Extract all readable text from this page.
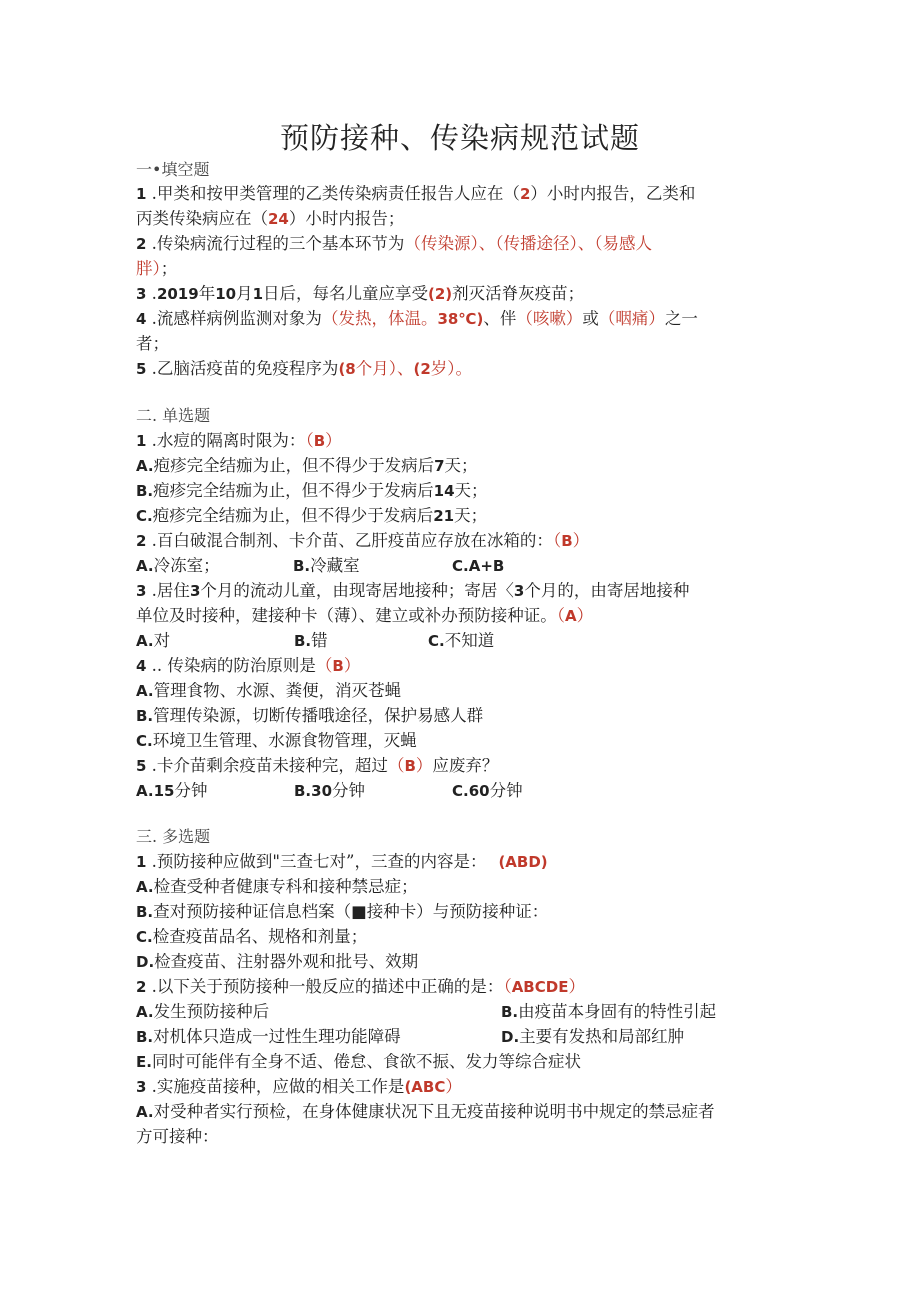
预防接种、传染病规范试题
一•填空题
1 .甲类和按甲类管理的乙类传染病责任报告人应在（2）小时内报告，乙类和
丙类传染病应在（24）小时内报告；
2 .传染病流行过程的三个基本环节为（传染源）、（传播途径）、（易感人
胖）；
3 .2019年10月1日后，每名儿童应享受(2)剂灭活脊灰疫苗；
4 .流感样病例监测对象为（发热，体温。38℃)、伴（咳嗽）或（咽痛）之一
者；
5 .乙脑活疫苗的免疫程序为(8个月）、(2岁）。
二. 单选题
1 .水痘的隔离时限为：（B）
A.疱疹完全结痂为止，但不得少于发病后7天；
B.疱疹完全结痂为止，但不得少于发病后14天；
C.疱疹完全结痂为止，但不得少于发病后21天；
2 .百白破混合制剂、卡介苗、乙肝疫苗应存放在冰箱的：（B）
A.冷冻室；	B.冷藏室	C.A+B
3 .居住3个月的流动儿童，由现寄居地接种；寄居〈3个月的，由寄居地接种
单位及时接种，建接种卡（薄）、建立或补办预防接种证。（A）
A.对	B.错	C.不知道
4 .. 传染病的防治原则是（B）
A.管理食物、水源、粪便，消灭苍蝇
B.管理传染源，切断传播哦途径，保护易感人群
C.环境卫生管理、水源食物管理，灭蝇
5 .卡介苗剩余疫苗未接种完，超过（B）应废弃？
A.15分钟	B.30分钟	C.60分钟
三. 多选题
1 .预防接种应做到"三查七对”，三查的内容是： (ABD)
A.检查受种者健康专科和接种禁忌症；
B.查对预防接种证信息档案（■接种卡）与预防接种证：
C.检查疫苗品名、规格和剂量；
D.检查疫苗、注射器外观和批号、效期
2 .以下关于预防接种一般反应的描述中正确的是：（ABCDE）
A.发生预防接种后	B.由疫苗本身固有的特性引起
B.对机体只造成一过性生理功能障碍	D.主要有发热和局部红肿
E.同时可能伴有全身不适、倦怠、食欲不振、发力等综合症状
3 .实施疫苗接种，应做的相关工作是(ABC）
A.对受种者实行预检，在身体健康状况下且无疫苗接种说明书中规定的禁忌症者
方可接种：
